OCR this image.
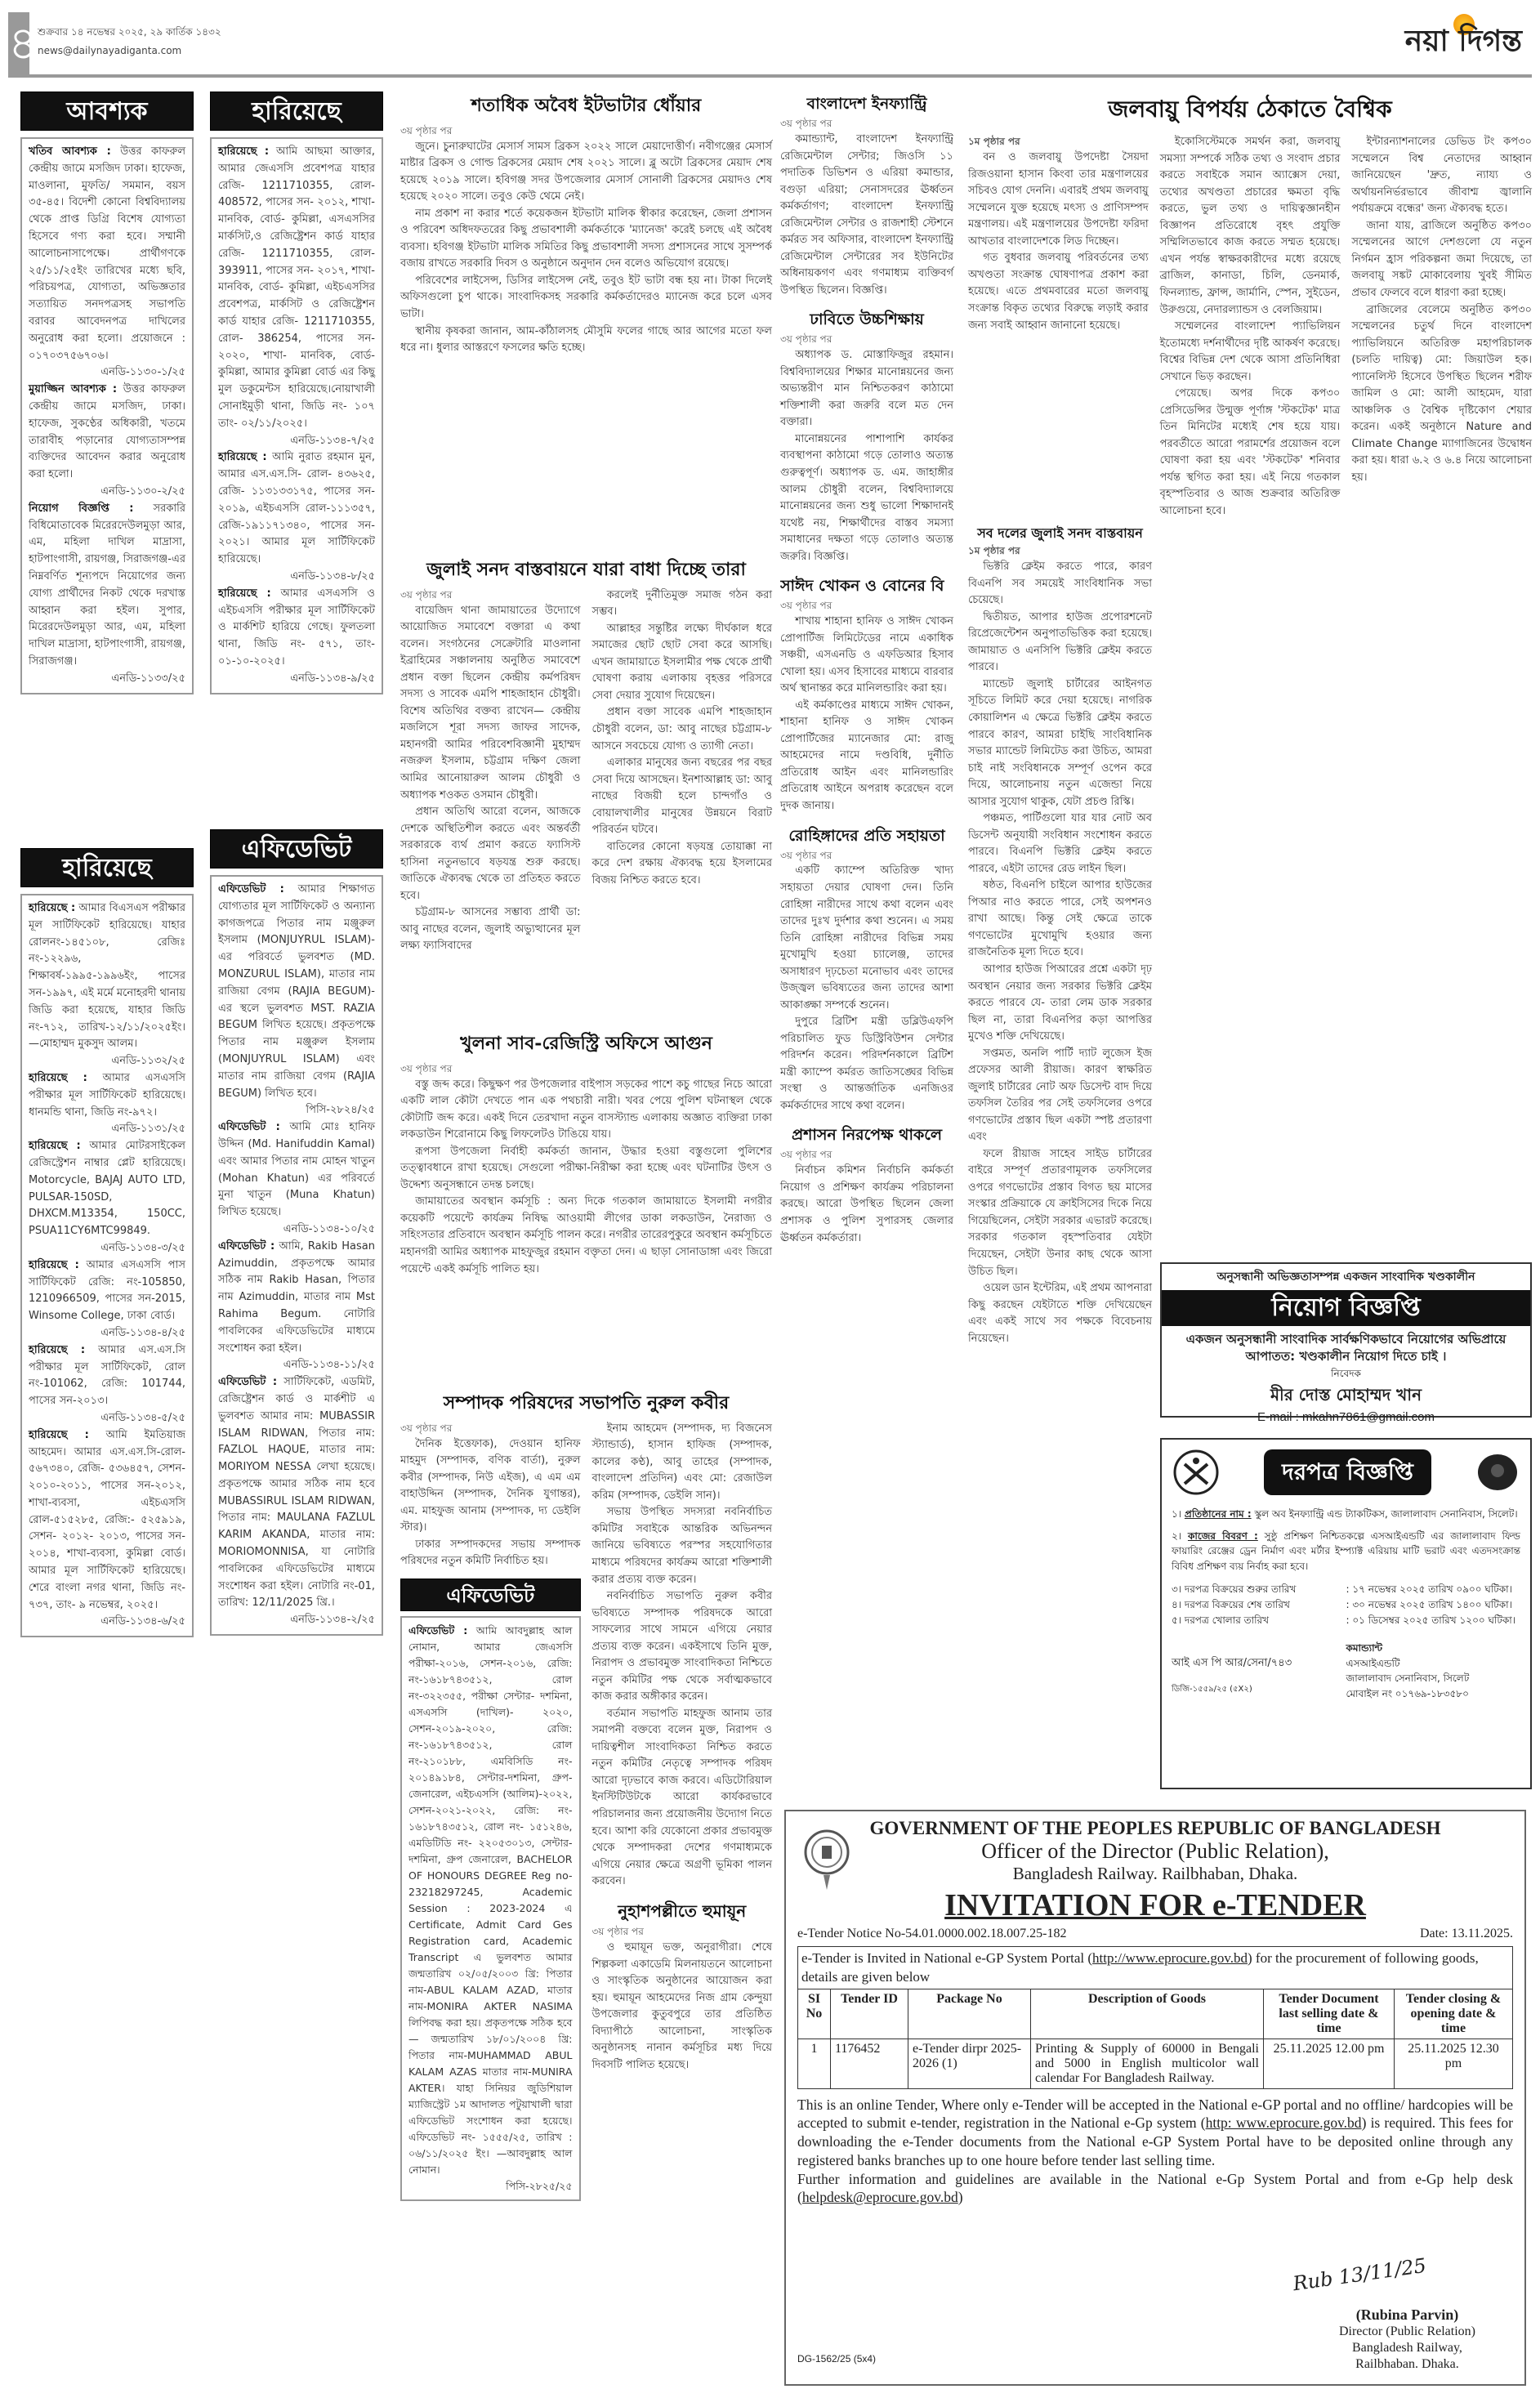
৪ শুক্রবার ১৪ নভেম্বর ২০২৫, ২৯ কার্তিক ১৪৩২
news@dailynayadiganta.com	নয়া দিগন্ত
আবশ্যক
খতিব আবশ্যক : উত্তর কাফরুল কেন্দ্রীয় জামে মসজিদ ঢাকা। হাফেজ, মাওলানা, মুফতি/ সমমান, বয়স ৩৫-৪৫। বিদেশী কোনো বিশ্ববিদ্যালয় থেকে প্রাপ্ত ডিগ্রি বিশেষ যোগ্যতা হিসেবে গণ্য করা হবে। সম্মানী আলোচনাসাপেক্ষে। প্রার্থীগণকে ২৫/১১/২৫ইং তারিখের মধ্যে ছবি, পরিচয়পত্র, যোগ্যতা, অভিজ্ঞতার সত্যায়িত সনদপত্রসহ সভাপতি বরাবর আবেদনপত্র দাখিলের অনুরোধ করা হলো। প্রয়োজনে : ০১৭০৩৭৫৬৭০৬।
এনডি-১১৩০-১/২৫
মুয়াজ্জিন আবশ্যক : উত্তর কাফরুল কেন্দ্রীয় জামে মসজিদ, ঢাকা। হাফেজ, সুকণ্ঠের অধিকারী, খতমে তারাবীহ পড়ানোর যোগ্যতাসম্পন্ন ব্যক্তিদের আবেদন করার অনুরোধ করা হলো।
এনডি-১১৩০-২/২৫
নিয়োগ বিজ্ঞপ্তি : সরকারি বিধিমোতাবেক মিরেরদেউলমুড়া আর, এম, মহিলা দাখিল মাদ্রাসা, হাটপাংগাসী, রায়গঞ্জ, সিরাজগঞ্জ-এর নিম্নবর্ণিত শূন্যপদে নিয়োগের জন্য যোগ্য প্রার্থীদের নিকট থেকে দরখাস্ত আহ্বান করা হইল। সুপার, মিরেরদেউলমুড়া আর, এম, মহিলা দাখিল মাদ্রাসা, হাটপাংগাসী, রায়গঞ্জ, সিরাজগঞ্জ।
এনডি-১১৩৩/২৫
হারিয়েছে
হারিয়েছে : আমার বিএসএস পরীক্ষার মূল সার্টিফিকেট হারিয়েছে। যাহার রোলনং-১৪৫১০৮, রেজিঃ নং-১২২৯৬, শিক্ষাবর্ষ-১৯৯৫-১৯৯৬ইং, পাসের সন-১৯৯৭, এই মর্মে মনোহরদী থানায় জিডি করা হয়েছে, যাহার জিডি নং-৭১২, তারিখ-১২/১১/২০২৫ইং। —মোহাম্মদ মুকসুদ আলম।
এনডি-১১৩২/২৫
হারিয়েছে : আমার এসএসসি পরীক্ষার মূল সার্টিফিকেট হারিয়েছে। ধানমন্ডি থানা, জিডি নং-৯৭২।
এনডি-১১৩১/২৫
হারিয়েছে : আমার মোটরসাইকেল রেজিস্ট্রেশন নাম্বার প্লেট হারিয়েছে। Motorcycle, BAJAJ AUTO LTD, PULSAR-150SD, DHXCM.M13354, 150CC, PSUA11CY6MTC99849.
এনডি-১১৩৪-৩/২৫
হারিয়েছে : আমার এসএসসি পাস সার্টিফিকেট রেজি: নং-105850, 1210966509, পাসের সন-2015, Winsome College, ঢাকা বোর্ড।
এনডি-১১৩৪-৪/২৫
হারিয়েছে : আমার এস.এস.সি পরীক্ষার মূল সার্টিফিকেট, রোল নং-101062, রেজি: 101744, পাসের সন-২০১৩।
এনডি-১১৩৪-৫/২৫
হারিয়েছে : আমি ইমতিয়াজ আহমেদ। আমার এস.এস.সি-রোল- ৫৬৭৩৪০, রেজি- ৫৩৬৪৫৭, সেশন- ২০১০-২০১১, পাসের সন-২০১২, শাখা-ব্যবসা, এইচএসসি রোল-৫১৫২৮৫, রেজি:- ৫২৫৯১৯, সেশন- ২০১২- ২০১৩, পাসের সন- ২০১৪, শাখা-ব্যবসা, কুমিল্লা বোর্ড। আমার মূল সার্টিফিকেট হারিয়েছে। শেরে বাংলা নগর থানা, জিডি নং- ৭৩৭, তাং- ৯ নভেম্বর, ২০২৫।
এনডি-১১৩৪-৬/২৫
হারিয়েছে
হারিয়েছে : আমি আছমা আক্তার, আমার জেএসসি প্রবেশপত্র যাহার রেজি- 1211710355, রোল- 408572, পাসের সন- ২০১২, শাখা- মানবিক, বোর্ড- কুমিল্লা, এসএসসির মার্কসিট,ও রেজিষ্ট্রেশন কার্ড যাহার রেজি- 1211710355, রোল- 393911, পাসের সন- ২০১৭, শাখা- মানবিক, বোর্ড- কুমিল্লা, এইচএসসির প্রবেশপত্র, মার্কসিট ও রেজিষ্ট্রেশন কার্ড যাহার রেজি- 1211710355, রোল- 386254, পাসের সন- ২০২০, শাখা- মানবিক, বোর্ড- কুমিল্লা, আমার কুমিল্লা বোর্ড এর কিছু মুল ডকুমেন্টস হারিয়েছে।নোয়াখালী সোনাইমুড়ী থানা, জিডি নং- ১০৭ তাং- ০২/১১/২০২৫।
এনডি-১১৩৪-৭/২৫
হারিয়েছে : আমি নুরাত রহমান মুন, আমার এস.এস.সি- রোল- ৪৩৬২৫, রেজি- ১১৩১৩৩১৭৫, পাসের সন- ২০১৯, এইচএসসি রোল-১১১৩৫৭, রেজি-১৯১১৭১৩৪০, পাসের সন- ২০২১। আমার মূল সার্টিফিকেট হারিয়েছে।
এনডি-১১৩৪-৮/২৫
হারিয়েছে : আমার এসএসসি ও এইচএসসি পরীক্ষার মূল সার্টিফিকেট ও মার্কশিট হারিয়ে গেছে। ফুলতলা থানা, জিডি নং- ৫৭১, তাং- ০১-১০-২০২৫।
এনডি-১১৩৪-৯/২৫
এফিডেভিট
এফিডেভিট : আমার শিক্ষাগত যোগ্যতার মূল সার্টিফিকেট ও অন্যান্য কাগজপত্রে পিতার নাম মঞ্জুরুল ইসলাম (MONJUYRUL ISLAM)-এর পরিবর্তে ভুলবশত (MD. MONZURUL ISLAM), মাতার নাম রাজিয়া বেগম (RAJIA BEGUM)-এর স্থলে ভুলবশত MST. RAZIA BEGUM লিখিত হয়েছে। প্রকৃতপক্ষে পিতার নাম মঞ্জুরুল ইসলাম (MONJUYRUL ISLAM) এবং মাতার নাম রাজিয়া বেগম (RAJIA BEGUM) লিখিত হবে।
পিসি-২৮২৪/২৫
এফিডেভিট : আমি মোঃ হানিফ উদ্দিন (Md. Hanifuddin Kamal) এবং আমার পিতার নাম মোহন খাতুন (Mohan Khatun) এর পরিবর্তে মুনা খাতুন (Muna Khatun) লিখিত হয়েছে।
এনডি-১১৩৪-১০/২৫
এফিডেভিট : আমি, Rakib Hasan Azimuddin, প্রকৃতপক্ষে আমার সঠিক নাম Rakib Hasan, পিতার নাম Azimuddin, মাতার নাম Mst Rahima Begum. নোটারি পাবলিকের এফিডেভিটের মাধ্যমে সংশোধন করা হইল।
এনডি-১১৩৪-১১/২৫
এফিডেভিট : সার্টিফিকেট, এডমিট, রেজিষ্ট্রেশন কার্ড ও মার্কশীট এ ভুলবশত আমার নাম: MUBASSIR ISLAM RIDWAN, পিতার নাম: FAZLOL HAQUE, মাতার নাম: MORIYOM NESSA লেখা হয়েছে। প্রকৃতপক্ষে আমার সঠিক নাম হবে MUBASSIRUL ISLAM RIDWAN, পিতার নাম: MAULANA FAZLUL KARIM AKANDA, মাতার নাম: MORIOMONNISA, যা নোটারি পাবলিকের এফিডেভিটের মাধ্যমে সংশোধন করা হইল। নোটারি নং-01, তারিখ: 12/11/2025 খ্রি.।
এনডি-১১৩৪-২/২৫
শতাধিক অবৈধ ইটভাটার ধোঁয়ার
৩য় পৃষ্ঠার পর

জুনে। চুনারুঘাটের মেসার্স সামস ব্রিকস ২০২২ সালে মেয়াদোত্তীর্ণ। নবীগঞ্জের মেসার্স মাষ্টার ব্রিকস ও গোল্ড ব্রিকসের মেয়াদ শেষ ২০২১ সালে। ব্লু অটো ব্রিকসের মেয়াদ শেষ হয়েছে ২০১৯ সালে। হবিগঞ্জ সদর উপজেলার মেসার্স সোনালী ব্রিকসের মেয়াদও শেষ হয়েছে ২০২০ সালে। তবুও কেউ থেমে নেই।

নাম প্রকাশ না করার শর্তে কয়েকজন ইটভাটা মালিক স্বীকার করেছেন, জেলা প্রশাসন ও পরিবেশ অধিদফতরের কিছু প্রভাবশালী কর্মকর্তাকে 'ম্যানেজ' করেই চলছে এই অবৈধ ব্যবসা। হবিগঞ্জ ইটভাটা মালিক সমিতির কিছু প্রভাবশালী সদস্য প্রশাসনের সাথে সুসম্পর্ক বজায় রাখতে সরকারি দিবস ও অনুষ্ঠানে অনুদান দেন বলেও অভিযোগ রয়েছে।

পরিবেশের লাইসেন্স, ডিসির লাইসেন্স নেই, তবুও ইট ভাটা বন্ধ হয় না। টাকা দিলেই অফিসগুলো চুপ থাকে। সাংবাদিকসহ সরকারি কর্মকর্তাদেরও ম্যানেজ করে চলে এসব ভাটা।

স্থানীয় কৃষকরা জানান, আম-কাঁঠালসহ মৌসুমি ফলের গাছে আর আগের মতো ফল ধরে না। ধুলার আস্তরণে ফসলের ক্ষতি হচ্ছে।

জুলাই সনদ বাস্তবায়নে যারা বাধা দিচ্ছে তারা
৩য় পৃষ্ঠার পর

বায়েজিদ থানা জামায়াতের উদ্যোগে আয়োজিত সমাবেশে বক্তারা এ কথা বলেন। সংগঠনের সেক্রেটারি মাওলানা ইব্রাহিমের সঞ্চালনায় অনুষ্ঠিত সমাবেশে প্রধান বক্তা ছিলেন কেন্দ্রীয় কর্মপরিষদ সদস্য ও সাবেক এমপি শাহজাহান চৌধুরী। বিশেষ অতিথির বক্তব্য রাখেন— কেন্দ্রীয় মজলিসে শূরা সদস্য জাফর সাদেক, মহানগরী আমির পরিবেশবিজ্ঞানী মুহাম্মদ নজরুল ইসলাম, চট্টগ্রাম দক্ষিণ জেলা আমির আনোয়ারুল আলম চৌধুরী ও অধ্যাপক শওকত ওসমান চৌধুরী।

প্রধান অতিথি আরো বলেন, আজকে দেশকে অস্থিতিশীল করতে এবং অন্তর্বর্তী সরকারকে ব্যর্থ প্রমাণ করতে ফ্যাসিস্ট হাসিনা নতুনভাবে ষড়যন্ত্র শুরু করছে। জাতিকে ঐক্যবদ্ধ থেকে তা প্রতিহত করতে হবে।

চট্টগ্রাম-৮ আসনের সম্ভাব্য প্রার্থী ডা: আবু নাছের বলেন, জুলাই অভ্যুত্থানের মূল লক্ষ্য ফ্যাসিবাদের

করলেই দুর্নীতিমুক্ত সমাজ গঠন করা সম্ভব।

আল্লাহর সন্তুষ্টির লক্ষ্যে দীর্ঘকাল ধরে সমাজের ছোট ছোট সেবা করে আসছি। এখন জামায়াতে ইসলামীর পক্ষ থেকে প্রার্থী ঘোষণা করায় এলাকায় বৃহত্তর পরিসরে সেবা দেয়ার সুযোগ দিয়েছেন।

প্রধান বক্তা সাবেক এমপি শাহজাহান চৌধুরী বলেন, ডা: আবু নাছের চট্টগ্রাম-৮ আসনে সবচেয়ে যোগ্য ও ত্যাগী নেতা।

এলাকার মানুষের জন্য বছরের পর বছর সেবা দিয়ে আসছেন। ইনশাআল্লাহ ডা: আবু নাছের বিজয়ী হলে চান্দগাঁও ও বোয়ালখালীর মানুষের উন্নয়নে বিরাট পরিবর্তন ঘটবে।

বাতিলের কোনো ষড়যন্ত্র তোয়াক্কা না করে দেশ রক্ষায় ঐক্যবদ্ধ হয়ে ইসলামের বিজয় নিশ্চিত করতে হবে।

খুলনা সাব-রেজিস্ট্রি অফিসে আগুন
৩য় পৃষ্ঠার পর

বস্তু জব্দ করে। কিছুক্ষণ পর উপজেলার বাইপাস সড়কের পাশে কচু গাছের নিচে আরো একটি লাল কৌটা দেখতে পান এক পথচারী নারী। খবর পেয়ে পুলিশ ঘটনাস্থল থেকে কৌটাটি জব্দ করে। একই দিনে তেরখাদা নতুন বাসস্ট্যান্ড এলাকায় অজ্ঞাত ব্যক্তিরা ঢাকা লকডাউন শিরোনামে কিছু লিফলেটও টাঙিয়ে যায়।

রূপসা উপজেলা নির্বাহী কর্মকর্তা জানান, উদ্ধার হওয়া বস্তুগুলো পুলিশের তত্ত্বাবধানে রাখা হয়েছে। সেগুলো পরীক্ষা-নিরীক্ষা করা হচ্ছে এবং ঘটনাটির উৎস ও উদ্দেশ্য অনুসন্ধানে তদন্ত চলছে।

জামায়াতের অবস্থান কর্মসূচি : অন্য দিকে গতকাল জামায়াতে ইসলামী নগরীর কয়েকটি পয়েন্টে কার্যক্রম নিষিদ্ধ আওয়ামী লীগের ডাকা লকডাউন, নৈরাজ্য ও সহিংসতার প্রতিবাদে অবস্থান কর্মসূচি পালন করে। নগরীর তারেরপুকুরে অবস্থান কর্মসূচিতে মহানগরী আমির অধ্যাপক মাহফুজুর রহমান বক্তৃতা দেন। এ ছাড়া সোনাডাঙ্গা এবং জিরো পয়েন্টে একই কর্মসূচি পালিত হয়।

সম্পাদক পরিষদের সভাপতি নুরুল কবীর
৩য় পৃষ্ঠার পর

দৈনিক ইত্তেফাক), দেওয়ান হানিফ মাহমুদ (সম্পাদক, বণিক বার্তা), নুরুল কবীর (সম্পাদক, নিউ এইজ), এ এম এম বাহাউদ্দিন (সম্পাদক, দৈনিক যুগান্তর), এম. মাহফুজ আনাম (সম্পাদক, দ্য ডেইলি স্টার)।

ঢাকার সম্পাদকদের সভায় সম্পাদক পরিষদের নতুন কমিটি নির্বাচিত হয়।

এফিডেভিট
এফিডেভিট : আমি আবদুল্লাহ আল নোমান, আমার জেএসসি পরীক্ষা-২০১৬, সেশন-২০১৬, রেজি: নং-১৬১৮৭৪৩৫১২, রোল নং-৩২২৩৫৫, পরীক্ষা সেন্টার- দশমিনা, এসএসসি (দাখিল)- ২০২০, সেশন-২০১৯-২০২০, রেজি: নং-১৬১৮৭৪৩৫১২, রোল নং-২১০১৮৮, এমবিসিডি নং- ২০১৪৯১৮৪, সেন্টার-দশমিনা, গ্রুপ-জেনারেল, এইচএসসি (আলিম)-২০২২, সেশন-২০২১-২০২২, রেজি: নং- ১৬১৮৭৪৩৫১২, রোল নং- ১৫১২৪৬, এমডিটিডি নং- ২২০৫৩০১৩, সেন্টার-দশমিনা, গ্রুপ জেনারেল, BACHELOR OF HONOURS DEGREE Reg no-23218297245, Academic Session : 2023-2024 এ Certificate, Admit Card Ges Registration card, Academic Transcript এ ভুলবশত আমার জন্মতারিখ ০২/০৫/২০০৩ খ্রি: পিতার নাম-ABUL KALAM AZAD, মাতার নাম-MONIRA AKTER NASIMA লিপিবদ্ধ করা হয়। প্রকৃতপক্ষে সঠিক হবে— জন্মতারিখ ১৮/০১/২০০৪ খ্রি: পিতার নাম-MUHAMMAD ABUL KALAM AZAS মাতার নাম-MUNIRA AKTER। যাহা সিনিয়র জুডিশিয়াল ম্যাজিস্ট্রেট ১ম আদালত পটুয়াখালী দ্বারা এফিডেভিট সংশোধন করা হয়েছে। এফিডেভিট নং- ১৫৫৫/২৫, তারিখ : ০৬/১১/২০২৫ ইং। —আবদুল্লাহ আল নোমান।
পিসি-২৮২৫/২৫

ইনাম আহমেদ (সম্পাদক, দ্য বিজনেস স্ট্যান্ডার্ড), হাসান হাফিজ (সম্পাদক, কালের কণ্ঠ), আবু তাহের (সম্পাদক, বাংলাদেশ প্রতিদিন) এবং মো: রেজাউল করিম (সম্পাদক, ডেইলি সান)।

সভায় উপস্থিত সদস্যরা নবনির্বাচিত কমিটির সবাইকে আন্তরিক অভিনন্দন জানিয়ে ভবিষ্যতে পরস্পর সহযোগিতার মাধ্যমে পরিষদের কার্যক্রম আরো শক্তিশালী করার প্রত্যয় ব্যক্ত করেন।

নবনির্বাচিত সভাপতি নুরুল কবীর ভবিষ্যতে সম্পাদক পরিষদকে আরো সাফল্যের সাথে সামনে এগিয়ে নেয়ার প্রত্যয় ব্যক্ত করেন। একইসাথে তিনি মুক্ত, নিরাপদ ও প্রভাবমুক্ত সাংবাদিকতা নিশ্চিতে নতুন কমিটির পক্ষ থেকে সর্বাত্মকভাবে কাজ করার অঙ্গীকার করেন।

বর্তমান সভাপতি মাহফুজ আনাম তার সমাপনী বক্তব্যে বলেন মুক্ত, নিরাপদ ও দায়িত্বশীল সাংবাদিকতা নিশ্চিত করতে নতুন কমিটির নেতৃত্বে সম্পাদক পরিষদ আরো দৃঢ়ভাবে কাজ করবে। এডিটোরিয়াল ইনস্টিটিউটকে আরো কার্যকরভাবে পরিচালনার জন্য প্রয়োজনীয় উদ্যোগ নিতে হবে। আশা করি যেকোনো প্রকার প্রভাবমুক্ত থেকে সম্পাদকরা দেশের গণমাধ্যমকে এগিয়ে নেয়ার ক্ষেত্রে অগ্রণী ভূমিকা পালন করবেন।

নুহাশপল্লীতে হুমায়ূন
৩য় পৃষ্ঠার পর

ও হুমায়ূন ভক্ত, অনুরাগীরা। শেষে শিল্পকলা একাডেমি মিলনায়তনে আলোচনা ও সাংস্কৃতিক অনুষ্ঠানের আয়োজন করা হয়। হুমায়ূন আহমেদের নিজ গ্রাম কেন্দুয়া উপজেলার কুতুবপুরে তার প্রতিষ্ঠিত বিদ্যাপীঠে আলোচনা, সাংস্কৃতিক অনুষ্ঠানসহ নানান কর্মসূচির মধ্য দিয়ে দিবসটি পালিত হয়েছে।

বাংলাদেশ ইনফ্যান্ট্রি
৩য় পৃষ্ঠার পর

কমান্ড্যান্ট, বাংলাদেশ ইনফ্যান্ট্রি রেজিমেন্টাল সেন্টার; জিওসি ১১ পদাতিক ডিভিশন ও এরিয়া কমান্ডার, বগুড়া এরিয়া; সেনাসদরের ঊর্ধ্বতন কর্মকর্তাগণ; বাংলাদেশ ইনফ্যান্ট্রি রেজিমেন্টাল সেন্টার ও রাজশাহী স্টেশনে কর্মরত সব অফিসার, বাংলাদেশ ইনফ্যান্ট্রি রেজিমেন্টাল সেন্টারের সব ইউনিটের অধিনায়কগণ এবং গণমাধ্যম ব্যক্তিবর্গ উপস্থিত ছিলেন। বিজ্ঞপ্তি।

ঢাবিতে উচ্চশিক্ষায়
৩য় পৃষ্ঠার পর

অধ্যাপক ড. মোস্তাফিজুর রহমান। বিশ্ববিদ্যালয়ের শিক্ষার মানোন্নয়নের জন্য অভ্যন্তরীণ মান নিশ্চিতকরণ কাঠামো শক্তিশালী করা জরুরি বলে মত দেন বক্তারা।

মানোন্নয়নের পাশাপাশি কার্যকর ব্যবস্থাপনা কাঠামো গড়ে তোলাও অত্যন্ত গুরুত্বপূর্ণ। অধ্যাপক ড. এম. জাহাঙ্গীর আলম চৌধুরী বলেন, বিশ্ববিদ্যালয়ে মানোন্নয়নের জন্য শুধু ভালো শিক্ষাদানই যথেষ্ট নয়, শিক্ষার্থীদের বাস্তব সমস্যা সমাধানের দক্ষতা গড়ে তোলাও অত্যন্ত জরুরি। বিজ্ঞপ্তি।

সাঈদ খোকন ও বোনের বি
৩য় পৃষ্ঠার পর

শাখায় শাহানা হানিফ ও সাঈদ খোকন প্রোপার্টিজ লিমিটেডের নামে একাধিক সঞ্চয়ী, এসএনডি ও এফডিআর হিসাব খোলা হয়। এসব হিসাবের মাধ্যমে বারবার অর্থ স্থানান্তর করে মানিলন্ডারিং করা হয়।

এই কর্মকাণ্ডের মাধ্যমে সাঈদ খোকন, শাহানা হানিফ ও সাঈদ খোকন প্রোপার্টিজের ম্যানেজার মো: রাজু আহমেদের নামে দণ্ডবিধি, দুর্নীতি প্রতিরোধ আইন এবং মানিলন্ডারিং প্রতিরোধ আইনে অপরাধ করেছেন বলে দুদক জানায়।

রোহিঙ্গাদের প্রতি সহায়তা
৩য় পৃষ্ঠার পর

একটি ক্যাম্পে অতিরিক্ত খাদ্য সহায়তা দেয়ার ঘোষণা দেন। তিনি রোহিঙ্গা নারীদের সাথে কথা বলেন এবং তাদের দুঃখ দুর্দশার কথা শুনেন। এ সময় তিনি রোহিঙ্গা নারীদের বিভিন্ন সময় মুখোমুখি হওয়া চ্যালেঞ্জ, তাদের অসাধারণ দৃঢ়চেতা মনোভাব এবং তাদের উজ্জ্বল ভবিষ্যতের জন্য তাদের আশা আকাঙ্ক্ষা সম্পর্কে শুনেন।

দুপুরে ব্রিটিশ মন্ত্রী ডব্লিউএফপি পরিচালিত ফুড ডিস্ট্রিবিউশন সেন্টার পরিদর্শন করেন। পরিদর্শনকালে ব্রিটিশ মন্ত্রী ক্যাম্পে কর্মরত জাতিসঙ্ঘের বিভিন্ন সংস্থা ও আন্তর্জাতিক এনজিওর কর্মকর্তাদের সাথে কথা বলেন।

প্রশাসন নিরপেক্ষ থাকলে
৩য় পৃষ্ঠার পর

নির্বাচন কমিশন নির্বাচনি কর্মকর্তা নিয়োগ ও প্রশিক্ষণ কার্যক্রম পরিচালনা করছে। আরো উপস্থিত ছিলেন জেলা প্রশাসক ও পুলিশ সুপারসহ জেলার ঊর্ধ্বতন কর্মকর্তারা।

জলবায়ু বিপর্যয় ঠেকাতে বৈশ্বিক
১ম পৃষ্ঠার পর

বন ও জলবায়ু উপদেষ্টা সৈয়দা রিজওয়ানা হাসান কিংবা তার মন্ত্রণালয়ের সচিবও যোগ দেননি। এবারই প্রথম জলবায়ু সম্মেলনে যুক্ত হয়েছে মৎস্য ও প্রাণিসম্পদ মন্ত্রণালয়। এই মন্ত্রণালয়ের উপদেষ্টা ফরিদা আখতার বাংলাদেশকে লিড দিচ্ছেন।

গত বুধবার জলবায়ু পরিবর্তনের তথ্য অখণ্ডতা সংক্রান্ত ঘোষণাপত্র প্রকাশ করা হয়েছে। এতে প্রথমবারের মতো জলবায়ু সংক্রান্ত বিকৃত তথ্যের বিরুদ্ধে লড়াই করার জন্য সবাই আহ্বান জানানো হয়েছে।

ইকোসিস্টেমকে সমর্থন করা, জলবায়ু সমস্যা সম্পর্কে সঠিক তথ্য ও সংবাদ প্রচার করতে সবাইকে সমান অ্যাক্সেস দেয়া, তথ্যের অখণ্ডতা প্রচারের ক্ষমতা বৃদ্ধি করতে, ভুল তথ্য ও দায়িত্বজ্ঞানহীন বিজ্ঞাপন প্রতিরোধে বৃহৎ প্রযুক্তি সম্মিলিতভাবে কাজ করতে সম্মত হয়েছে। এখন পর্যন্ত স্বাক্ষরকারীদের মধ্যে রয়েছে ব্রাজিল, কানাডা, চিলি, ডেনমার্ক, ফিনল্যান্ড, ফ্রান্স, জার্মানি, স্পেন, সুইডেন, উরুগুয়ে, নেদারল্যান্ডস ও বেলজিয়াম।

সম্মেলনের বাংলাদেশ প্যাভিলিয়ন ইতোমধ্যে দর্শনার্থীদের দৃষ্টি আকর্ষণ করেছে। বিশ্বের বিভিন্ন দেশ থেকে আসা প্রতিনিধিরা সেখানে ভিড় করছেন।

পেয়েছে। অপর দিকে কপ৩০ প্রেসিডেন্সির উন্মুক্ত পূর্ণাঙ্গ 'স্টকটেক' মাত্র তিন মিনিটের মধ্যেই শেষ হয়ে যায়। পরবর্তীতে আরো পরামর্শের প্রয়োজন বলে ঘোষণা করা হয় এবং 'স্টকটেক' শনিবার পর্যন্ত স্থগিত করা হয়। এই নিয়ে গতকাল বৃহস্পতিবার ও আজ শুক্রবার অতিরিক্ত আলোচনা হবে।

ইন্টারন্যাশনালের ডেভিড টং কপ৩০ সম্মেলনে বিশ্ব নেতাদের আহ্বান জানিয়েছেন 'দ্রুত, ন্যায্য ও অর্থায়ননির্ভরভাবে জীবাশ্ম জ্বালানি পর্যায়ক্রমে বন্ধের' জন্য ঐক্যবদ্ধ হতে।

জানা যায়, ব্রাজিলে অনুষ্ঠিত কপ৩০ সম্মেলনের আগে দেশগুলো যে নতুন নির্গমন হ্রাস পরিকল্পনা জমা দিয়েছে, তা জলবায়ু সঙ্কট মোকাবেলায় খুবই সীমিত প্রভাব ফেলবে বলে ধারণা করা হচ্ছে।

ব্রাজিলের বেলেমে অনুষ্ঠিত কপ৩০ সম্মেলনের চতুর্থ দিনে বাংলাদেশ প্যাভিলিয়নে অতিরিক্ত মহাপরিচালক (চলতি দায়িত্ব) মো: জিয়াউল হক। প্যানেলিস্ট হিসেবে উপস্থিত ছিলেন শরীফ জামিল ও মো: আলী আহমেদ, যারা আঞ্চলিক ও বৈশ্বিক দৃষ্টিকোণ শেয়ার করেন। একই অনুষ্ঠানে Nature and Climate Change ম্যাগাজিনের উদ্বোধন করা হয়। ধারা ৬.২ ও ৬.৪ নিয়ে আলোচনা হয়।

সব দলের জুলাই সনদ বাস্তবায়ন
১ম পৃষ্ঠার পর

ভিক্টরি ক্লেইম করতে পারে, কারণ বিএনপি সব সময়েই সাংবিধানিক সভা চেয়েছে।

দ্বিতীয়ত, আপার হাউজ প্রপোরশনেট রিপ্রেজেন্টেশন অনুপাতভিত্তিক করা হয়েছে। জামায়াত ও এনসিপি ভিক্টরি ক্লেইম করতে পারবে।

ম্যান্ডেট জুলাই চার্টারের আইনগত সূচিতে লিমিট করে দেয়া হয়েছে। নাগরিক কোয়ালিশন এ ক্ষেত্রে ভিক্টরি ক্লেইম করতে পারবে কারণ, আমরা চাইছি সাংবিধানিক সভার ম্যান্ডেট লিমিটেড করা উচিত, আমরা চাই নাই সংবিধানকে সম্পূর্ণ ওপেন করে দিয়ে, আলোচনায় নতুন এজেন্ডা নিয়ে আসার সুযোগ থাকুক, যেটা প্রচণ্ড রিস্কি।

পঞ্চমত, পার্টিগুলো যার যার নোট অব ডিসেন্ট অনুযায়ী সংবিধান সংশোধন করতে পারবে। বিএনপি ভিক্টরি ক্লেইম করতে পারবে, এইটা তাদের রেড লাইন ছিল।

ষষ্ঠত, বিএনপি চাইলে আপার হাউজের পিআর নাও করতে পারে, সেই অপশনও রাখা আছে। কিন্তু সেই ক্ষেত্রে তাকে গণভোটের মুখোমুখি হওয়ার জন্য রাজনৈতিক মূল্য দিতে হবে।

আপার হাউজ পিআরের প্রশ্নে একটা দৃঢ় অবস্থান নেয়ার জন্য সরকার ভিক্টরি ক্লেইম করতে পারবে যে- তারা লেম ডাক সরকার ছিল না, তারা বিএনপির কড়া আপত্তির মুখেও শক্তি দেখিয়েছে।

সপ্তমত, অনলি পার্টি দ্যাট লুজেস ইজ প্রফেসর আলী রীয়াজ। কারণ স্বাক্ষরিত জুলাই চার্টারের নোট অফ ডিসেন্ট বাদ দিয়ে তফসিল তৈরির পর সেই তফসিলের ওপরে গণভোটের প্রস্তাব ছিল একটা স্পষ্ট প্রতারণা এবং

ফলে রীয়াজ সাহেব সাইড চার্টারের বাইরে সম্পূর্ণ প্রতারণামূলক তফসিলের ওপরে গণভোটের প্রস্তাব বিগত ছয় মাসের সংস্কার প্রক্রিয়াকে যে ক্রাইসিসের দিকে নিয়ে গিয়েছিলেন, সেইটা সরকার এভারট করেছে। সরকার গতকাল বৃহস্পতিবার যেইটা দিয়েছেন, সেইটা উনার কাছ থেকে আসা উচিত ছিল।

ওয়েল ডান ইন্টেরিম, এই প্রথম আপনারা কিছু করছেন যেইটাতে শক্তি দেখিয়েছেন এবং একই সাথে সব পক্ষকে বিবেচনায় নিয়েছেন।

অনুসন্ধানী অভিজ্ঞতাসম্পন্ন একজন সাংবাদিক খণ্ডকালীন
নিয়োগ বিজ্ঞপ্তি
একজন অনুসন্ধানী সাংবাদিক সার্বক্ষণিকভাবে নিয়োগের অভিপ্রায়ে আপাতত: খণ্ডকালীন নিয়োগ দিতে চাই ।
নিবেদক
মীর দোস্ত মোহাম্মদ খান
E-mail : mkahn7861@gmail.com
দরপত্র বিজ্ঞপ্তি
১। প্রতিষ্ঠানের নাম : স্কুল অব ইনফ্যান্ট্রি এন্ড ট্যাকটিকস, জালালাবাদ সেনানিবাস, সিলেট।
২। কাজের বিবরণ : সুষ্ঠু প্রশিক্ষণ নিশ্চিতকল্পে এসআইএন্ডটি এর জালালাবাদ ফিল্ড ফায়ারিং রেঞ্জের ড্রেন নির্মাণ এবং মর্টার ইম্প্যাক্ট এরিয়ায় মাটি ভরাট এবং এতদসংক্রান্ত বিবিধ প্রশিক্ষণ ব্যয় নির্বাহ করা হবে।
৩। দরপত্র বিক্রয়ের শুরুর তারিখ	: ১৭ নভেম্বর ২০২৫ তারিখ ০৯০০ ঘটিকা।
৪। দরপত্র বিক্রয়ের শেষ তারিখ	: ৩০ নভেম্বর ২০২৫ তারিখ ১৪০০ ঘটিকা।
৫। দরপত্র খোলার তারিখ	: ০১ ডিসেম্বর ২০২৫ তারিখ ১২০০ ঘটিকা।
আই এস পি আর/সেনা/৭৪৩
ডিজি-১৫৫৯/২৫ (৫X২)
কমান্ড্যান্ট
এসআইএন্ডটি
জালালাবাদ সেনানিবাস, সিলেট
মোবাইল নং ০১৭৬৯-১৮৩৫৮০
GOVERNMENT OF THE PEOPLES REPUBLIC OF BANGLADESH
Officer of the Director (Public Relation),
Bangladesh Railway. Railbhaban, Dhaka.
INVITATION FOR e-TENDER
e-Tender Notice No-54.01.0000.002.18.007.25-182	Date: 13.11.2025.
e-Tender is Invited in National e-GP System Portal (http://www.eprocure.gov.bd) for the procurement of following goods, details are given below
SI No	Tender ID	Package No	Description of Goods	Tender Document last selling date & time	Tender closing & opening date & time
1	1176452	e-Tender dirpr 2025-2026 (1)	Printing & Supply of 60000 in Bengali and 5000 in English multicolor wall calendar For Bangladesh Railway.	25.11.2025 12.00 pm	25.11.2025 12.30 pm
This is an online Tender, Where only e-Tender will be accepted in the National e-GP portal and no offline/ hardcopies will be accepted to submit e-tender, registration in the National e-Gp system (http: www.eprocure.gov.bd) is required. This fees for downloading the e-Tender documents from the National e-GP System Portal have to be deposited online through any registered banks branches up to one houre before tender last selling time.
Further information and guidelines are available in the National e-Gp System Portal and from e-Gp help desk (helpdesk@eprocure.gov.bd)
Rub 13/11/25
(Rubina Parvin)
Director (Public Relation)
Bangladesh Railway,
Railbhaban. Dhaka.
DG-1562/25 (5x4)
